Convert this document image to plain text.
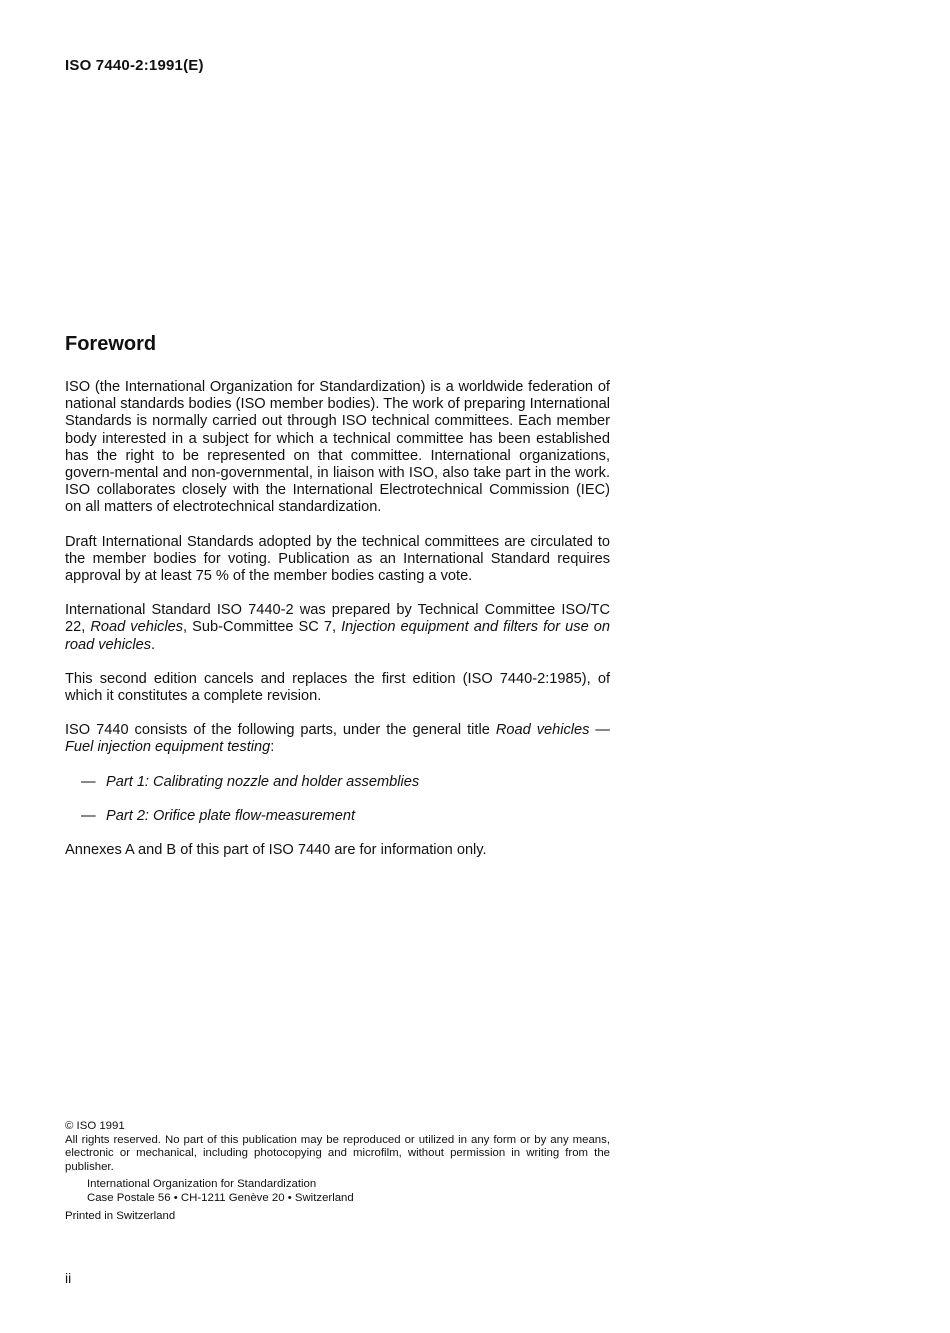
ISO 7440-2:1991(E)
Foreword

ISO (the International Organization for Standardization) is a worldwide federation of national standards bodies (ISO member bodies). The work of preparing International Standards is normally carried out through ISO technical committees. Each member body interested in a subject for which a technical committee has been established has the right to be represented on that committee. International organizations, govern-mental and non-governmental, in liaison with ISO, also take part in the work. ISO collaborates closely with the International Electrotechnical Commission (IEC) on all matters of electrotechnical standardization.

Draft International Standards adopted by the technical committees are circulated to the member bodies for voting. Publication as an International Standard requires approval by at least 75 % of the member bodies casting a vote.

International Standard ISO 7440-2 was prepared by Technical Committee ISO/TC 22, Road vehicles, Sub-Committee SC 7, Injection equipment and filters for use on road vehicles.

This second edition cancels and replaces the first edition (ISO 7440-2:1985), of which it constitutes a complete revision.

ISO 7440 consists of the following parts, under the general title Road vehicles — Fuel injection equipment testing:

— Part 1: Calibrating nozzle and holder assemblies
— Part 2: Orifice plate flow-measurement

Annexes A and B of this part of ISO 7440 are for information only.

© ISO 1991

All rights reserved. No part of this publication may be reproduced or utilized in any form or by any means, electronic or mechanical, including photocopying and microfilm, without permission in writing from the publisher.

International Organization for Standardization

Case Postale 56 • CH-1211 Genève 20 • Switzerland

Printed in Switzerland

ii
